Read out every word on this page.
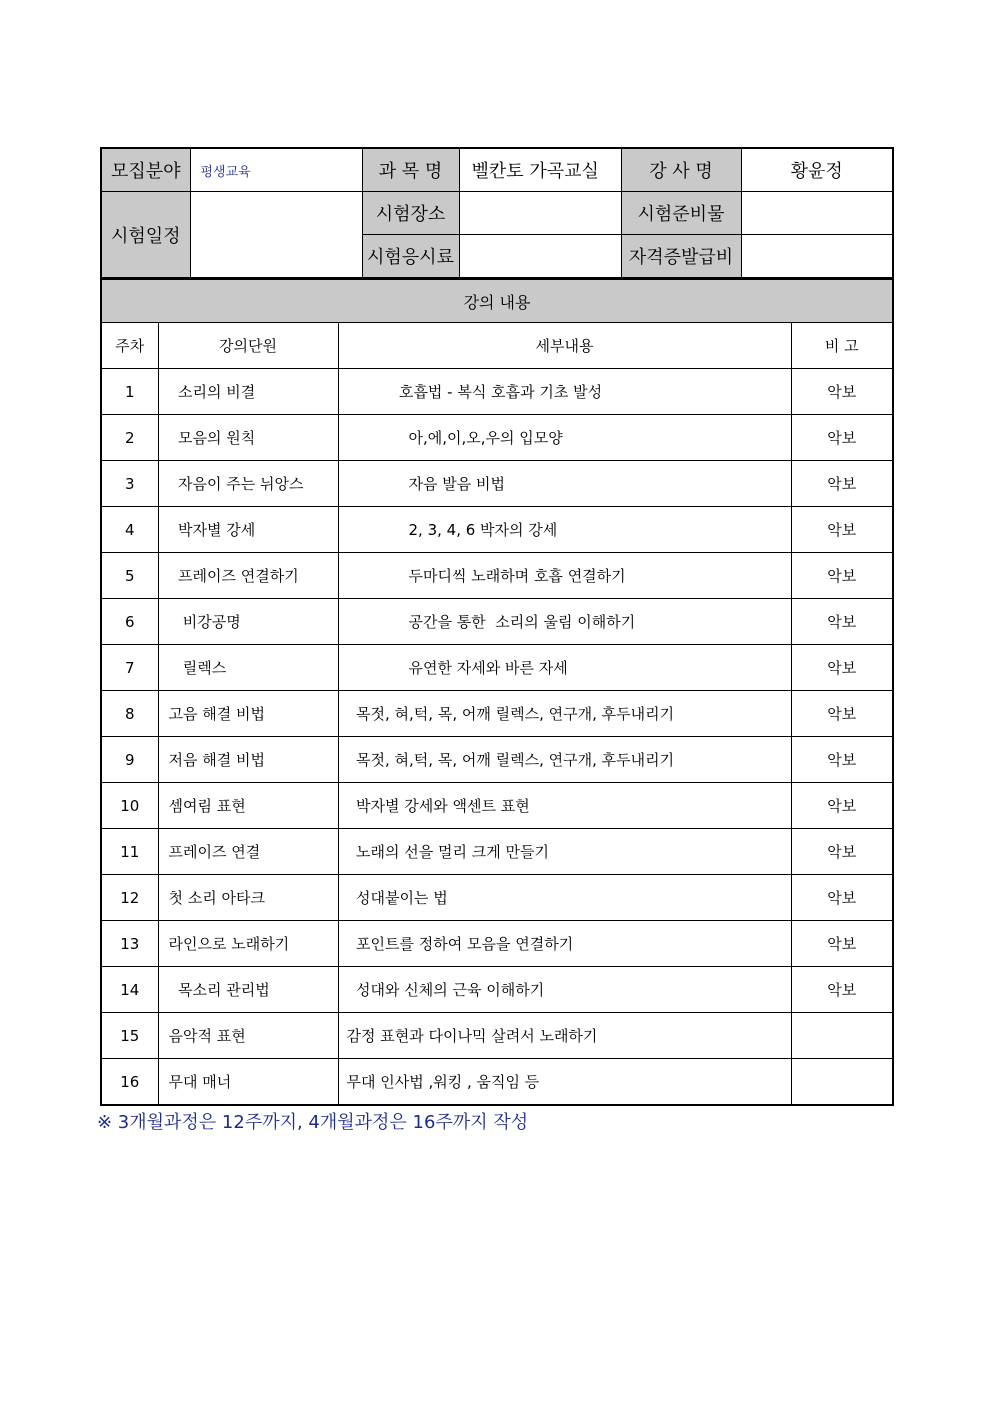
모집분야	평생교육	과 목 명	벨칸토 가곡교실	강 사 명	황윤정
시험일정		시험장소		시험준비물	
		시험응시료		자격증발급비	
강의 내용			
주차	강의단원	세부내용	비 고
1	소리의 비결	호흡법 - 복식 호흡과 기초 발성	악보
2	모음의 원칙	아,에,이,오,우의 입모양	악보
3	자음이 주는 뉘앙스	자음 발음 비법	악보
4	박자별 강세	2, 3, 4, 6 박자의 강세	악보
5	프레이즈 연결하기	두마디씩 노래하며 호흡 연결하기	악보
6	비강공명	공간을 통한  소리의 울림 이해하기	악보
7	릴렉스	유연한 자세와 바른 자세	악보
8	고음 해결 비법	목젓, 혀,턱, 목, 어깨 릴렉스, 연구개, 후두내리기	악보
9	저음 해결 비법	목젓, 혀,턱, 목, 어깨 릴렉스, 연구개, 후두내리기	악보
10	셈여림 표현	박자별 강세와 액센트 표현	악보
11	프레이즈 연결	노래의 선을 멀리 크게 만들기	악보
12	첫 소리 아타크	성대붙이는 법	악보
13	라인으로 노래하기	포인트를 정하여 모음을 연결하기	악보
14	목소리 관리법	성대와 신체의 근육 이해하기	악보
15	음악적 표현	감정 표현과 다이나믹 살려서 노래하기	
16	무대 매너	무대 인사법 ,워킹 , 움직임 등	
※ 3개월과정은 12주까지, 4개월과정은 16주까지 작성
